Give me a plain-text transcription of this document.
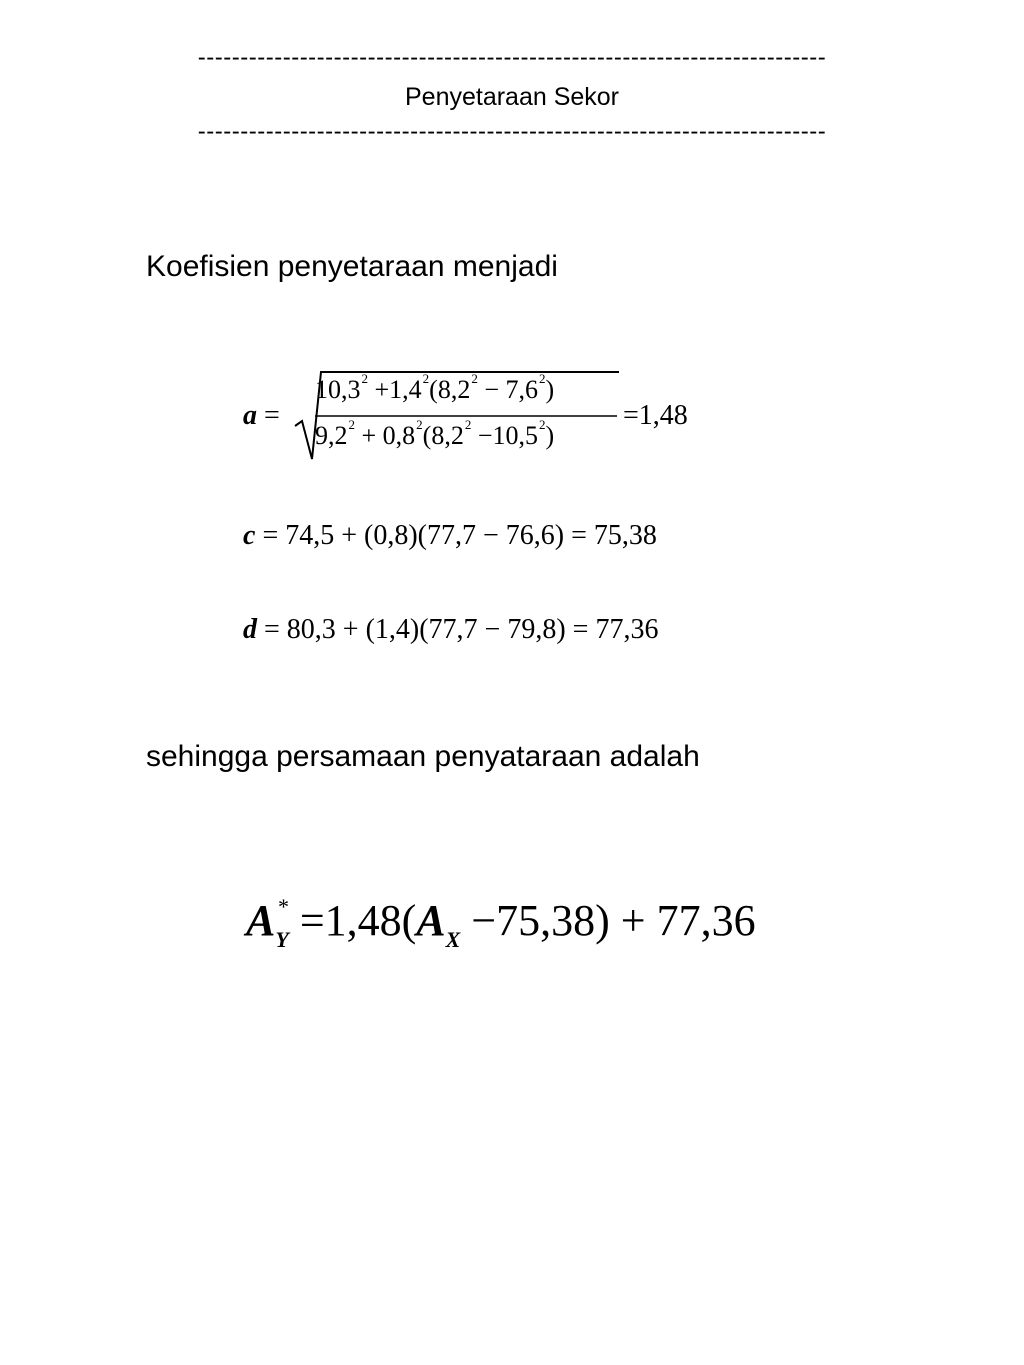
--------------------------------------------------------------------------
Penyetaraan Sekor
--------------------------------------------------------------------------
Koefisien penyetaraan menjadi
a =
$10,3^2 +1,4^2(8,2^2 - 7,6^2)$
$9,2^2 + 0,8^2(8,2^2 -10,5^2)$
=1,48
c = 74,5 + (0,8)(77,7 − 76,6) = 75,38
d = 80,3 + (1,4)(77,7 − 79,8) = 77,36
sehingga persamaan penyataraan adalah
$A_Y$
* $=1,48(A_X -75,38) + 77,36$
